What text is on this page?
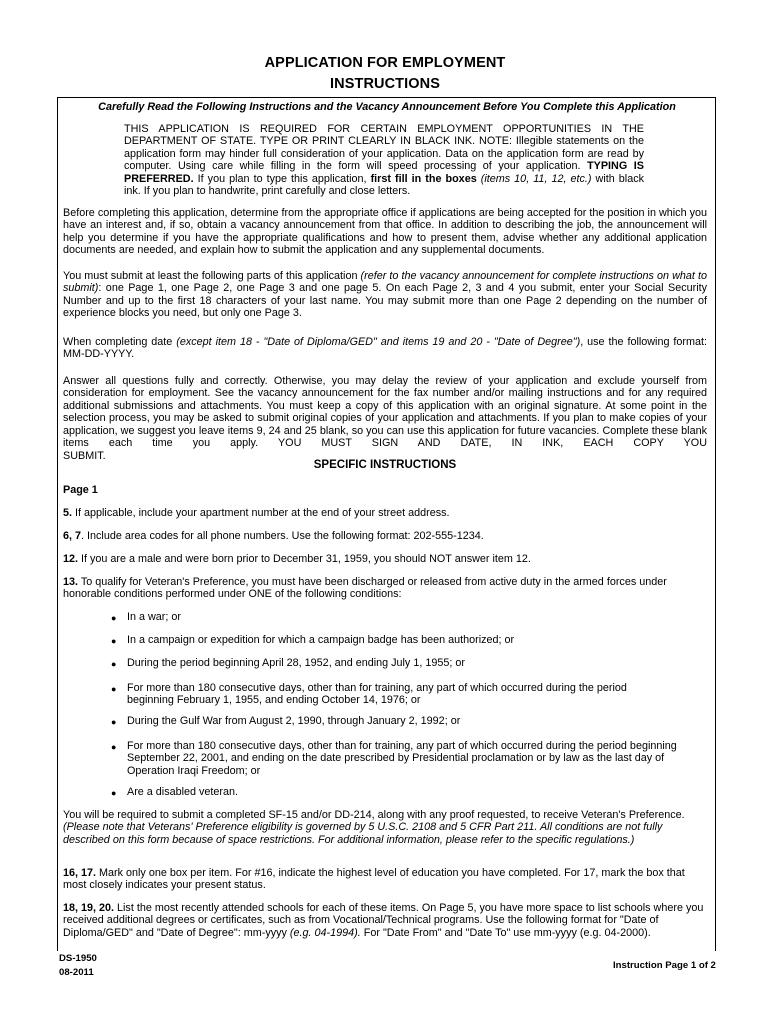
APPLICATION FOR EMPLOYMENT
INSTRUCTIONS
Carefully Read the Following Instructions and the Vacancy Announcement Before You Complete this Application

THIS APPLICATION IS REQUIRED FOR CERTAIN EMPLOYMENT OPPORTUNITIES IN THE DEPARTMENT OF STATE. TYPE OR PRINT CLEARLY IN BLACK INK. NOTE: Illegible statements on the application form may hinder full consideration of your application. Data on the application form are read by computer. Using care while filling in the form will speed processing of your application. TYPING IS PREFERRED. If you plan to type this application, first fill in the boxes (items 10, 11, 12, etc.) with black ink. If you plan to handwrite, print carefully and close letters.

Before completing this application, determine from the appropriate office if applications are being accepted for the position in which you have an interest and, if so, obtain a vacancy announcement from that office. In addition to describing the job, the announcement will help you determine if you have the appropriate qualifications and how to present them, advise whether any additional application documents are needed, and explain how to submit the application and any supplemental documents.

You must submit at least the following parts of this application (refer to the vacancy announcement for complete instructions on what to submit): one Page 1, one Page 2, one Page 3 and one page 5. On each Page 2, 3 and 4 you submit, enter your Social Security Number and up to the first 18 characters of your last name. You may submit more than one Page 2 depending on the number of experience blocks you need, but only one Page 3.

When completing date (except item 18 - "Date of Diploma/GED" and items 19 and 20 - "Date of Degree"), use the following format: MM-DD-YYYY.

Answer all questions fully and correctly. Otherwise, you may delay the review of your application and exclude yourself from consideration for employment. See the vacancy announcement for the fax number and/or mailing instructions and for any required additional submissions and attachments. You must keep a copy of this application with an original signature. At some point in the selection process, you may be asked to submit original copies of your application and attachments. If you plan to make copies of your application, we suggest you leave items 9, 24 and 25 blank, so you can use this application for future vacancies. Complete these blank items each time you apply. YOU MUST SIGN AND DATE, IN INK, EACH COPY YOU

SUBMIT.
SPECIFIC INSTRUCTIONS
Page 1

5. If applicable, include your apartment number at the end of your street address.

6, 7. Include area codes for all phone numbers. Use the following format: 202-555-1234.

12. If you are a male and were born prior to December 31, 1959, you should NOT answer item 12.

13. To qualify for Veteran's Preference, you must have been discharged or released from active duty in the armed forces under honorable conditions performed under ONE of the following conditions:

● In a war; or
● In a campaign or expedition for which a campaign badge has been authorized; or
● During the period beginning April 28, 1952, and ending July 1, 1955; or
● For more than 180 consecutive days, other than for training, any part of which occurred during the period beginning February 1, 1955, and ending October 14, 1976; or
● During the Gulf War from August 2, 1990, through January 2, 1992; or
● For more than 180 consecutive days, other than for training, any part of which occurred during the period beginning September 22, 2001, and ending on the date prescribed by Presidential proclamation or by law as the last day of Operation Iraqi Freedom; or
● Are a disabled veteran.

You will be required to submit a completed SF-15 and/or DD-214, along with any proof requested, to receive Veteran's Preference. (Please note that Veterans' Preference eligibility is governed by 5 U.S.C. 2108 and 5 CFR Part 211. All conditions are not fully described on this form because of space restrictions. For additional information, please refer to the specific regulations.)

16, 17. Mark only one box per item. For #16, indicate the highest level of education you have completed. For 17, mark the box that most closely indicates your present status.

18, 19, 20. List the most recently attended schools for each of these items. On Page 5, you have more space to list schools where you received additional degrees or certificates, such as from Vocational/Technical programs. Use the following format for "Date of Diploma/GED" and "Date of Degree": mm-yyyy (e.g. 04-1994). For "Date From" and "Date To" use mm-yyyy (e.g. 04-2000).

DS-1950
08-2011
Instruction Page 1 of 2
